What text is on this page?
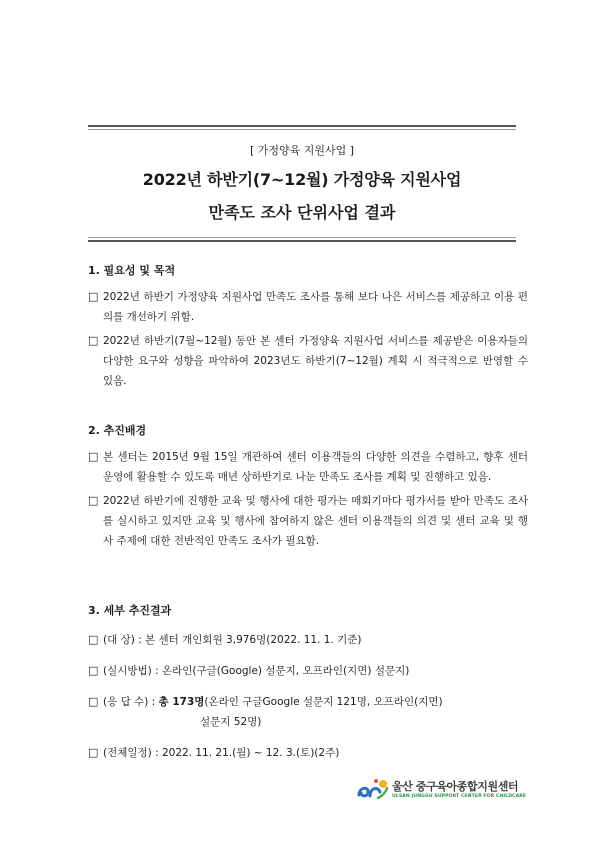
[ 가정양육 지원사업 ]
2022년 하반기(7~12월) 가정양육 지원사업
만족도 조사 단위사업 결과

1. 필요성 및 목적

□ 2022년 하반기 가정양육 지원사업 만족도 조사를 통해 보다 나은 서비스를 제공하고 이용 편의를 개선하기 위함.
□ 2022년 하반기(7월~12월) 동안 본 센터 가정양육 지원사업 서비스를 제공받은 이용자들의 다양한 요구와 성향을 파악하여 2023년도 하반기(7~12월) 계획 시 적극적으로 반영할 수 있음.

2. 추진배경

□ 본 센터는 2015년 9월 15일 개관하여 센터 이용객들의 다양한 의견을 수렴하고, 향후 센터 운영에 활용할 수 있도록 매년 상하반기로 나눈 만족도 조사를 계획 및 진행하고 있음.
□ 2022년 하반기에 진행한 교육 및 행사에 대한 평가는 매회기마다 평가서를 받아 만족도 조사를 실시하고 있지만 교육 및 행사에 참여하지 않은 센터 이용객들의 의견 및 센터 교육 및 행사 주제에 대한 전반적인 만족도 조사가 필요함.

3. 세부 추진결과

□ (대 상) : 본 센터 개인회원 3,976명(2022. 11. 1. 기준)
□ (실시방법) : 온라인(구글(Google) 설문지, 오프라인(지면) 설문지)
□ (응 답 수) : 총 173명(온라인 구글Google 설문지 121명, 오프라인(지면)
설문지 52명)
□ (전체일정) : 2022. 11. 21.(월) ~ 12. 3.(토)(2주)
울산 중구육아종합지원센터
ULSAN JUNGGU SUPPORT CENTER FOR CHILDCARE
